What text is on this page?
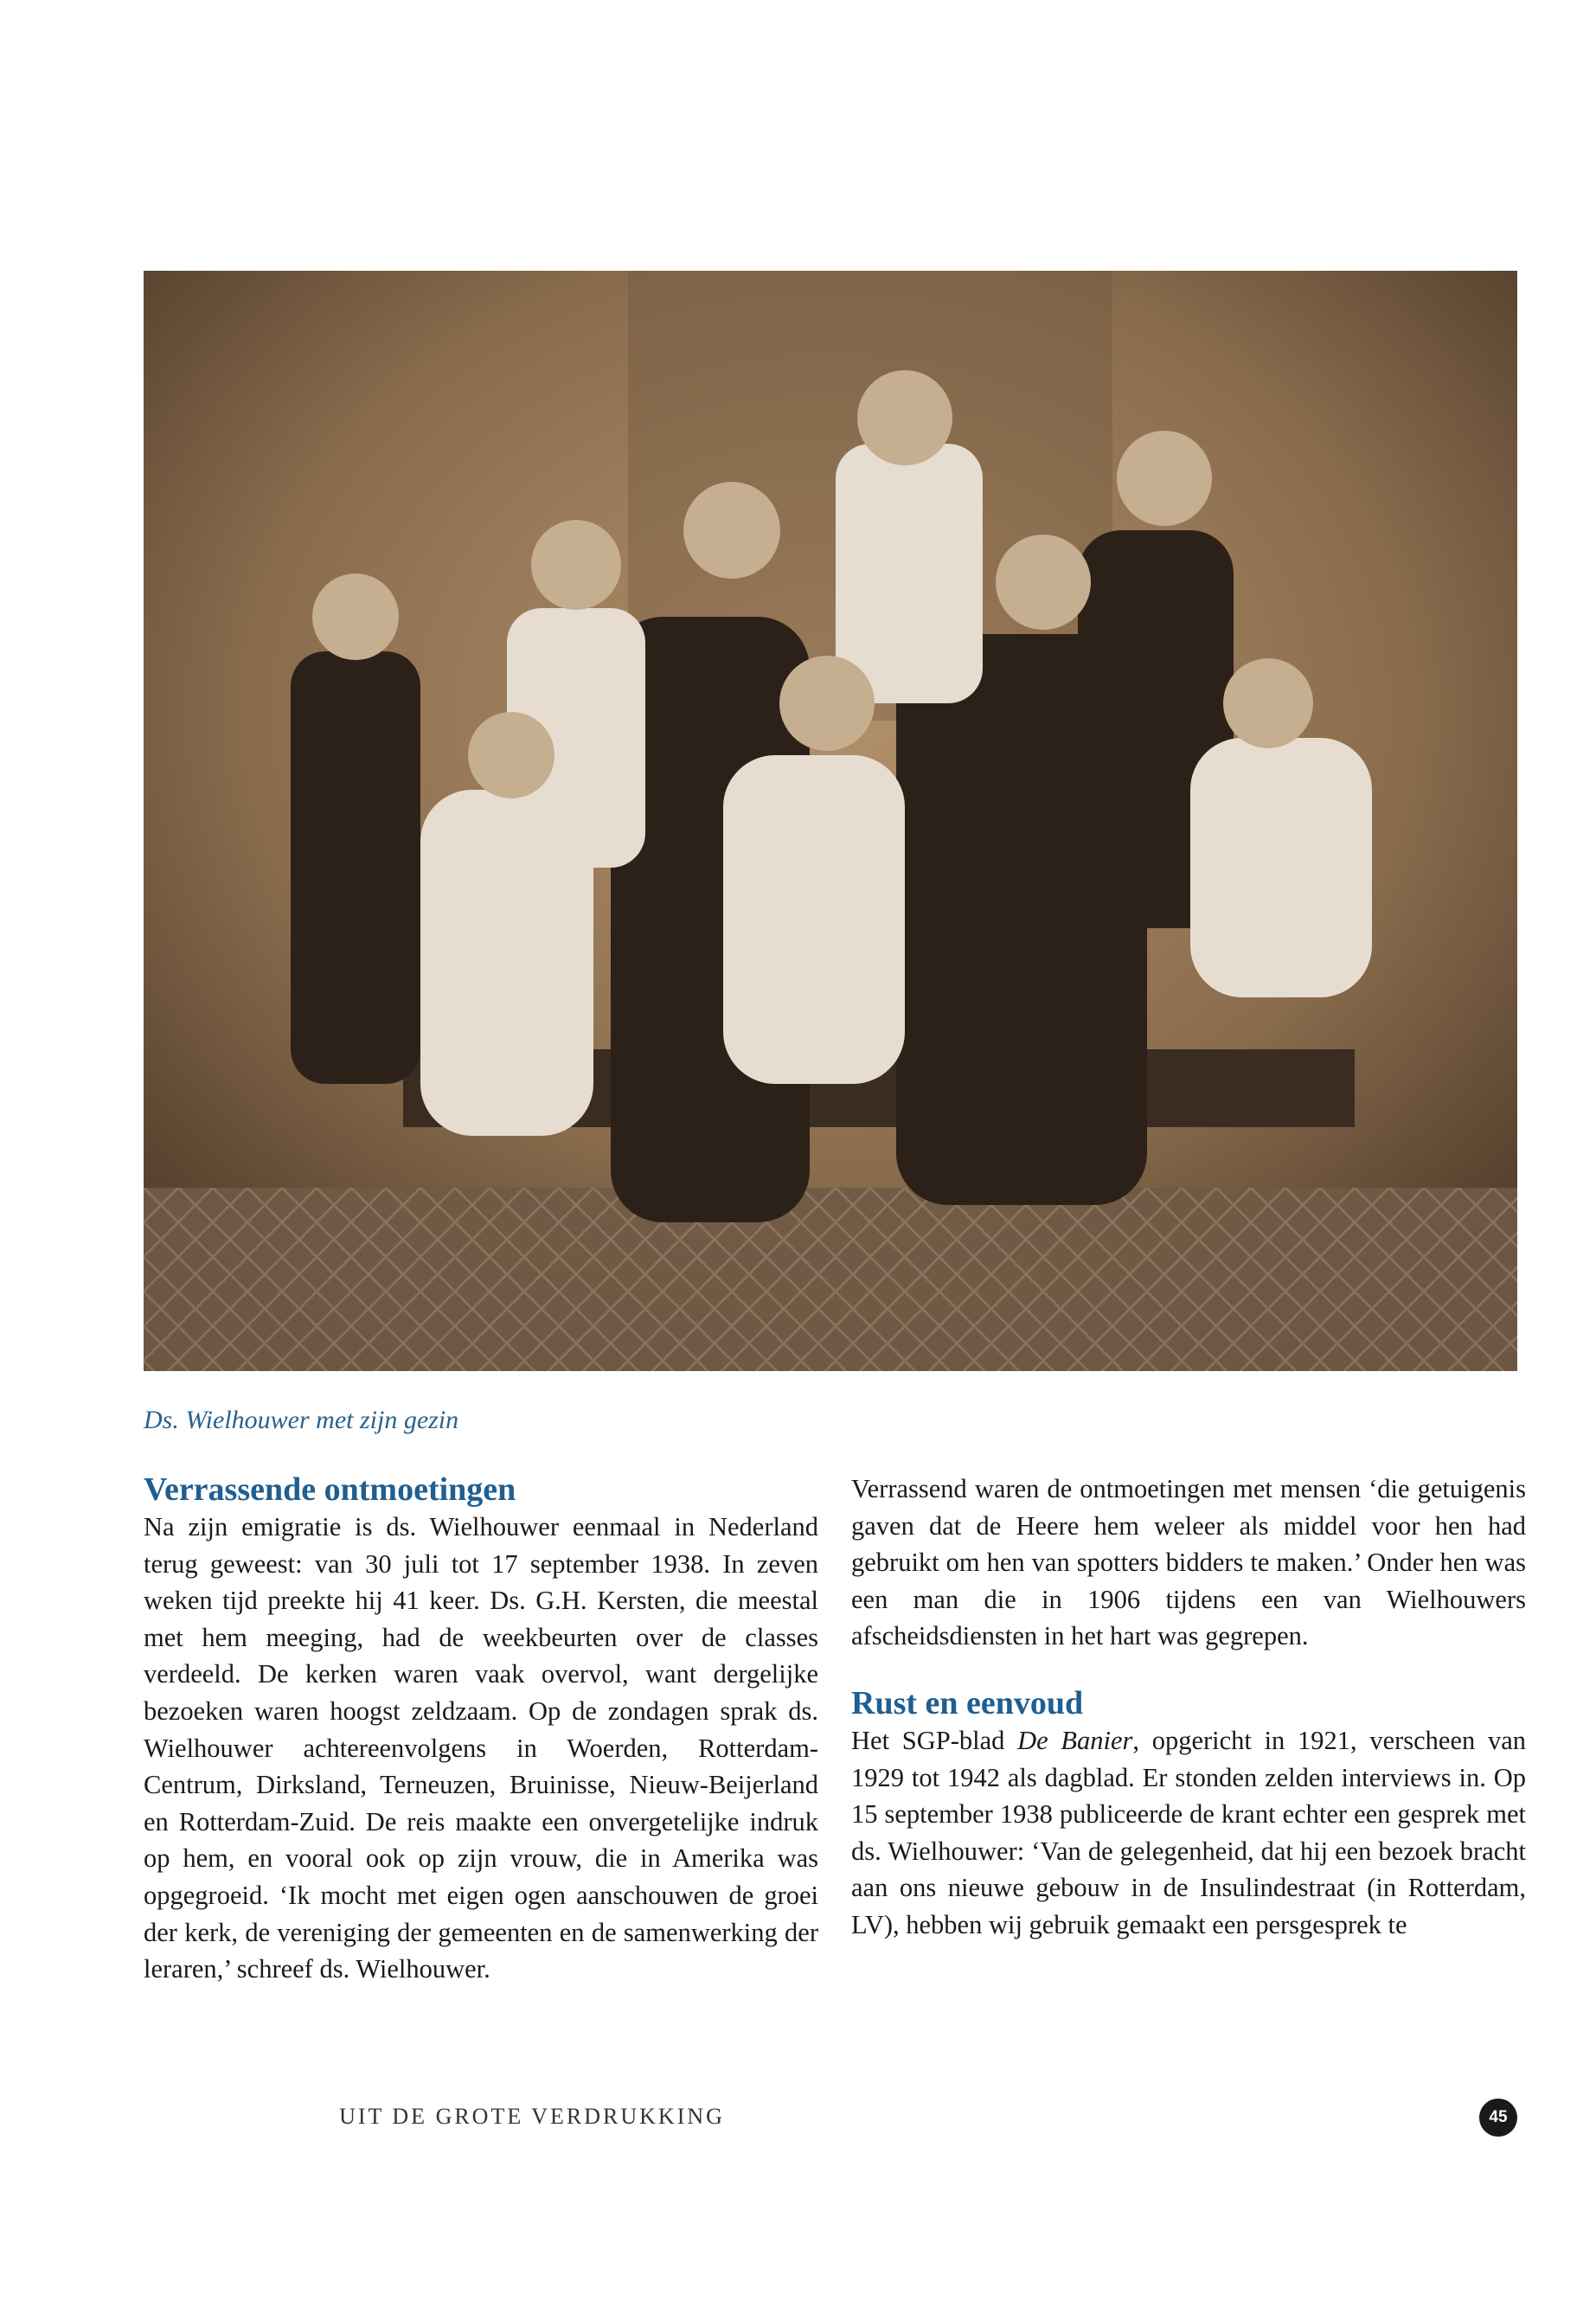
Ds. Wielhouwer met zijn gezin
Verrassende ontmoetingen

Na zijn emigratie is ds. Wielhouwer eenmaal in Nederland terug geweest: van 30 juli tot 17 september 1938. In zeven weken tijd preekte hij 41 keer. Ds. G.H. Kersten, die meestal met hem meeging, had de weekbeurten over de classes verdeeld. De kerken waren vaak overvol, want dergelijke bezoeken waren hoogst zeldzaam. Op de zondagen sprak ds. Wielhouwer achtereenvolgens in Woerden, Rotterdam-Centrum, Dirksland, Terneuzen, Bruinisse, Nieuw-Beijerland en Rotterdam-Zuid. De reis maakte een onvergetelijke indruk op hem, en vooral ook op zijn vrouw, die in Amerika was opgegroeid. ‘Ik mocht met eigen ogen aanschouwen de groei der kerk, de vereniging der gemeenten en de samenwerking der leraren,’ schreef ds. Wielhouwer.

Verrassend waren de ontmoetingen met mensen ‘die getuigenis gaven dat de Heere hem weleer als middel voor hen had gebruikt om hen van spotters bidders te maken.’ Onder hen was een man die in 1906 tijdens een van Wielhouwers afscheidsdiensten in het hart was gegrepen.

Rust en eenvoud

Het SGP-blad De Banier, opgericht in 1921, verscheen van 1929 tot 1942 als dagblad. Er stonden zelden interviews in. Op 15 september 1938 publiceerde de krant echter een gesprek met ds. Wielhouwer: ‘Van de gelegenheid, dat hij een bezoek bracht aan ons nieuwe gebouw in de Insulindestraat (in Rotterdam, LV), hebben wij gebruik gemaakt een persgesprek te

UIT DE GROTE VERDRUKKING	45
